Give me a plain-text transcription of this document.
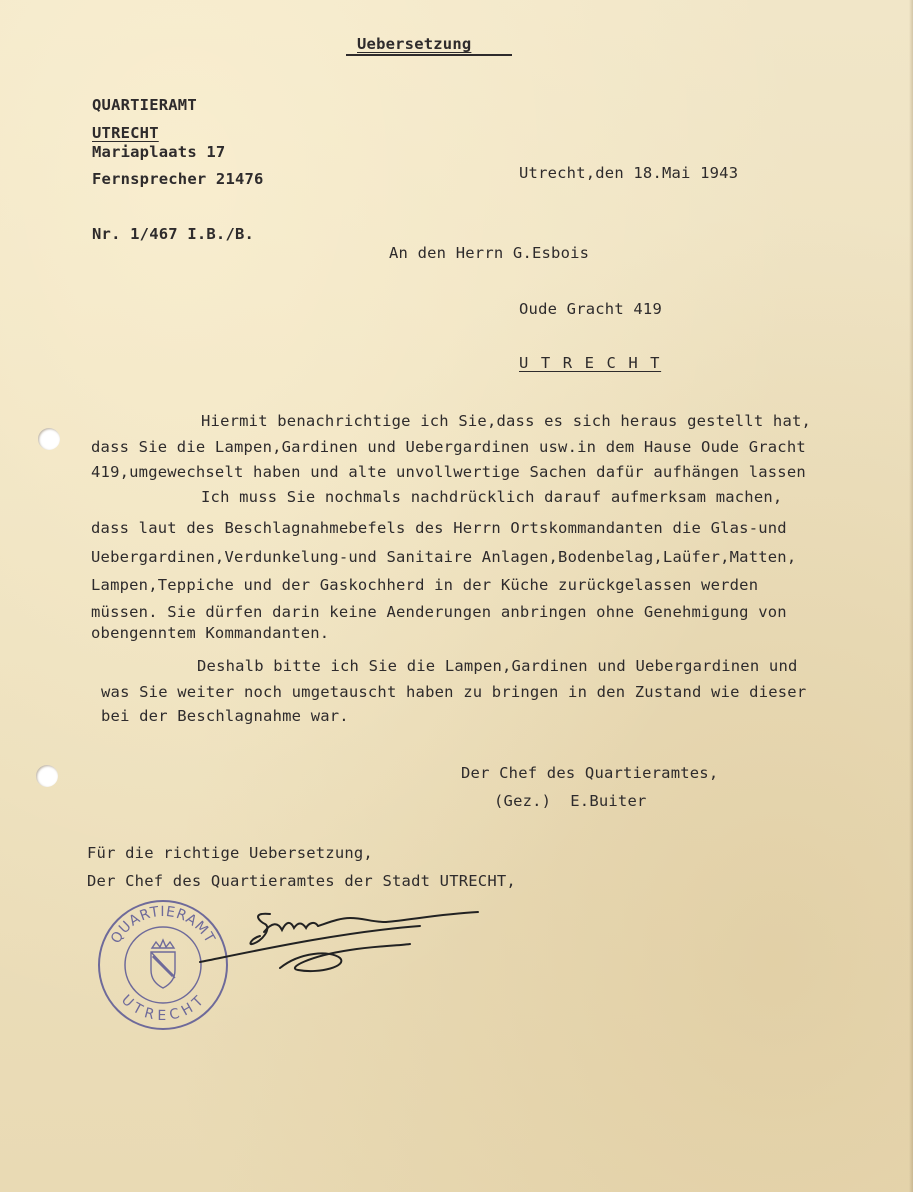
Uebersetzung
QUARTIERAMT
UTRECHT
Mariaplaats 17
Fernsprecher 21476
Nr. 1/467 I.B./B.
Utrecht,den 18.Mai 1943
An den Herrn G.Esbois
Oude Gracht 419
U T R E C H T
Hiermit benachrichtige ich Sie,dass es sich heraus gestellt hat,
dass Sie die Lampen,Gardinen und Uebergardinen usw.in dem Hause Oude Gracht
419,umgewechselt haben und alte unvollwertige Sachen dafür aufhängen lassen
Ich muss Sie nochmals nachdrücklich darauf aufmerksam machen,
dass laut des Beschlagnahmebefels des Herrn Ortskommandanten die Glas-und
Uebergardinen,Verdunkelung-und Sanitaire Anlagen,Bodenbelag,Laüfer,Matten,
Lampen,Teppiche und der Gaskochherd in der Küche zurückgelassen werden
müssen. Sie dürfen darin keine Aenderungen anbringen ohne Genehmigung von
obengenntem Kommandanten.
Deshalb bitte ich Sie die Lampen,Gardinen und Uebergardinen und
was Sie weiter noch umgetauscht haben zu bringen in den Zustand wie dieser
bei der Beschlagnahme war.
Der Chef des Quartieramtes,
(Gez.)  E.Buiter
Für die richtige Uebersetzung,
Der Chef des Quartieramtes der Stadt UTRECHT,
QUARTIERAMT
UTRECHT
